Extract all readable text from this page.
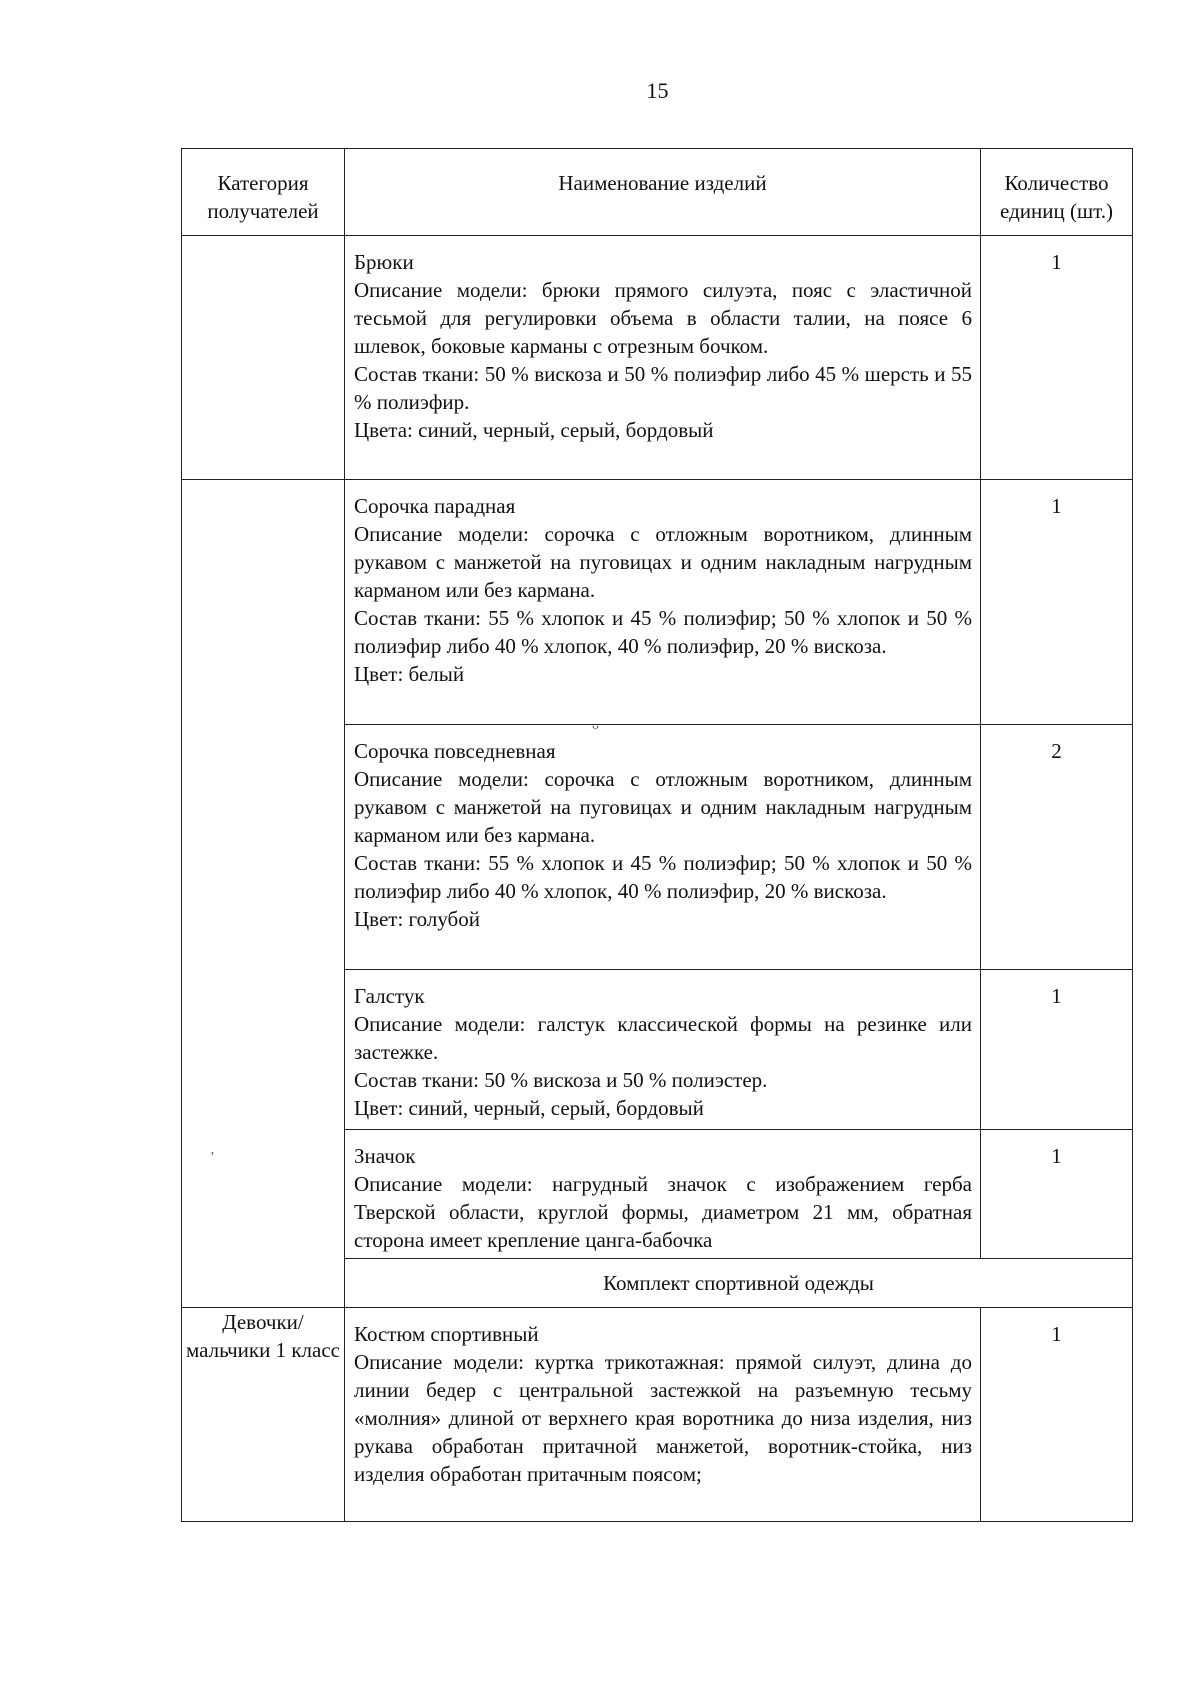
15
Категория получателей	Наименование изделий	Количество единиц (шт.)

	Брюки

Описание модели: брюки прямого силуэта, пояс с эластичной тесьмой для регулировки объема в области талии, на поясе 6 шлевок, боковые карманы с отрезным бочком.

Состав ткани: 50 % вискоза и 50 % полиэфир либо 45 % шерсть и 55 % полиэфир.

Цвета: синий, черный, серый, бордовый	1

	Сорочка парадная

Описание модели: сорочка с отложным воротником, длинным рукавом с манжетой на пуговицах и одним накладным нагрудным карманом или без кармана.

Состав ткани: 55 % хлопок и 45 % полиэфир; 50 % хлопок и 50 % полиэфир либо 40 % хлопок, 40 % полиэфир, 20 % вискоза.

Цвет: белый	1

	Сорочка повседневная

Описание модели: сорочка с отложным воротником, длинным рукавом с манжетой на пуговицах и одним накладным нагрудным карманом или без кармана.

Состав ткани: 55 % хлопок и 45 % полиэфир; 50 % хлопок и 50 % полиэфир либо 40 % хлопок, 40 % полиэфир, 20 % вискоза.

Цвет: голубой	2

	Галстук

Описание модели: галстук классической формы на резинке или застежке.

Состав ткани: 50 % вискоза и 50 % полиэстер.

Цвет: синий, черный, серый, бордовый	1

	Значок

Описание модели: нагрудный значок с изображением герба Тверской области, круглой формы, диаметром 21 мм, обратная сторона имеет крепление цанга-бабочка	1
	Комплект спортивной одежды	
Девочки/ мальчики 1 класс	Костюм спортивный

Описание модели: куртка трикотажная: прямой силуэт, длина до линии бедер с центральной застежкой на разъемную тесьму «молния» длиной от верхнего края воротника до низа изделия, низ рукава обработан притачной манжетой, воротник-стойка, низ изделия обработан притачным поясом;	1
ʼ
ᴗ
